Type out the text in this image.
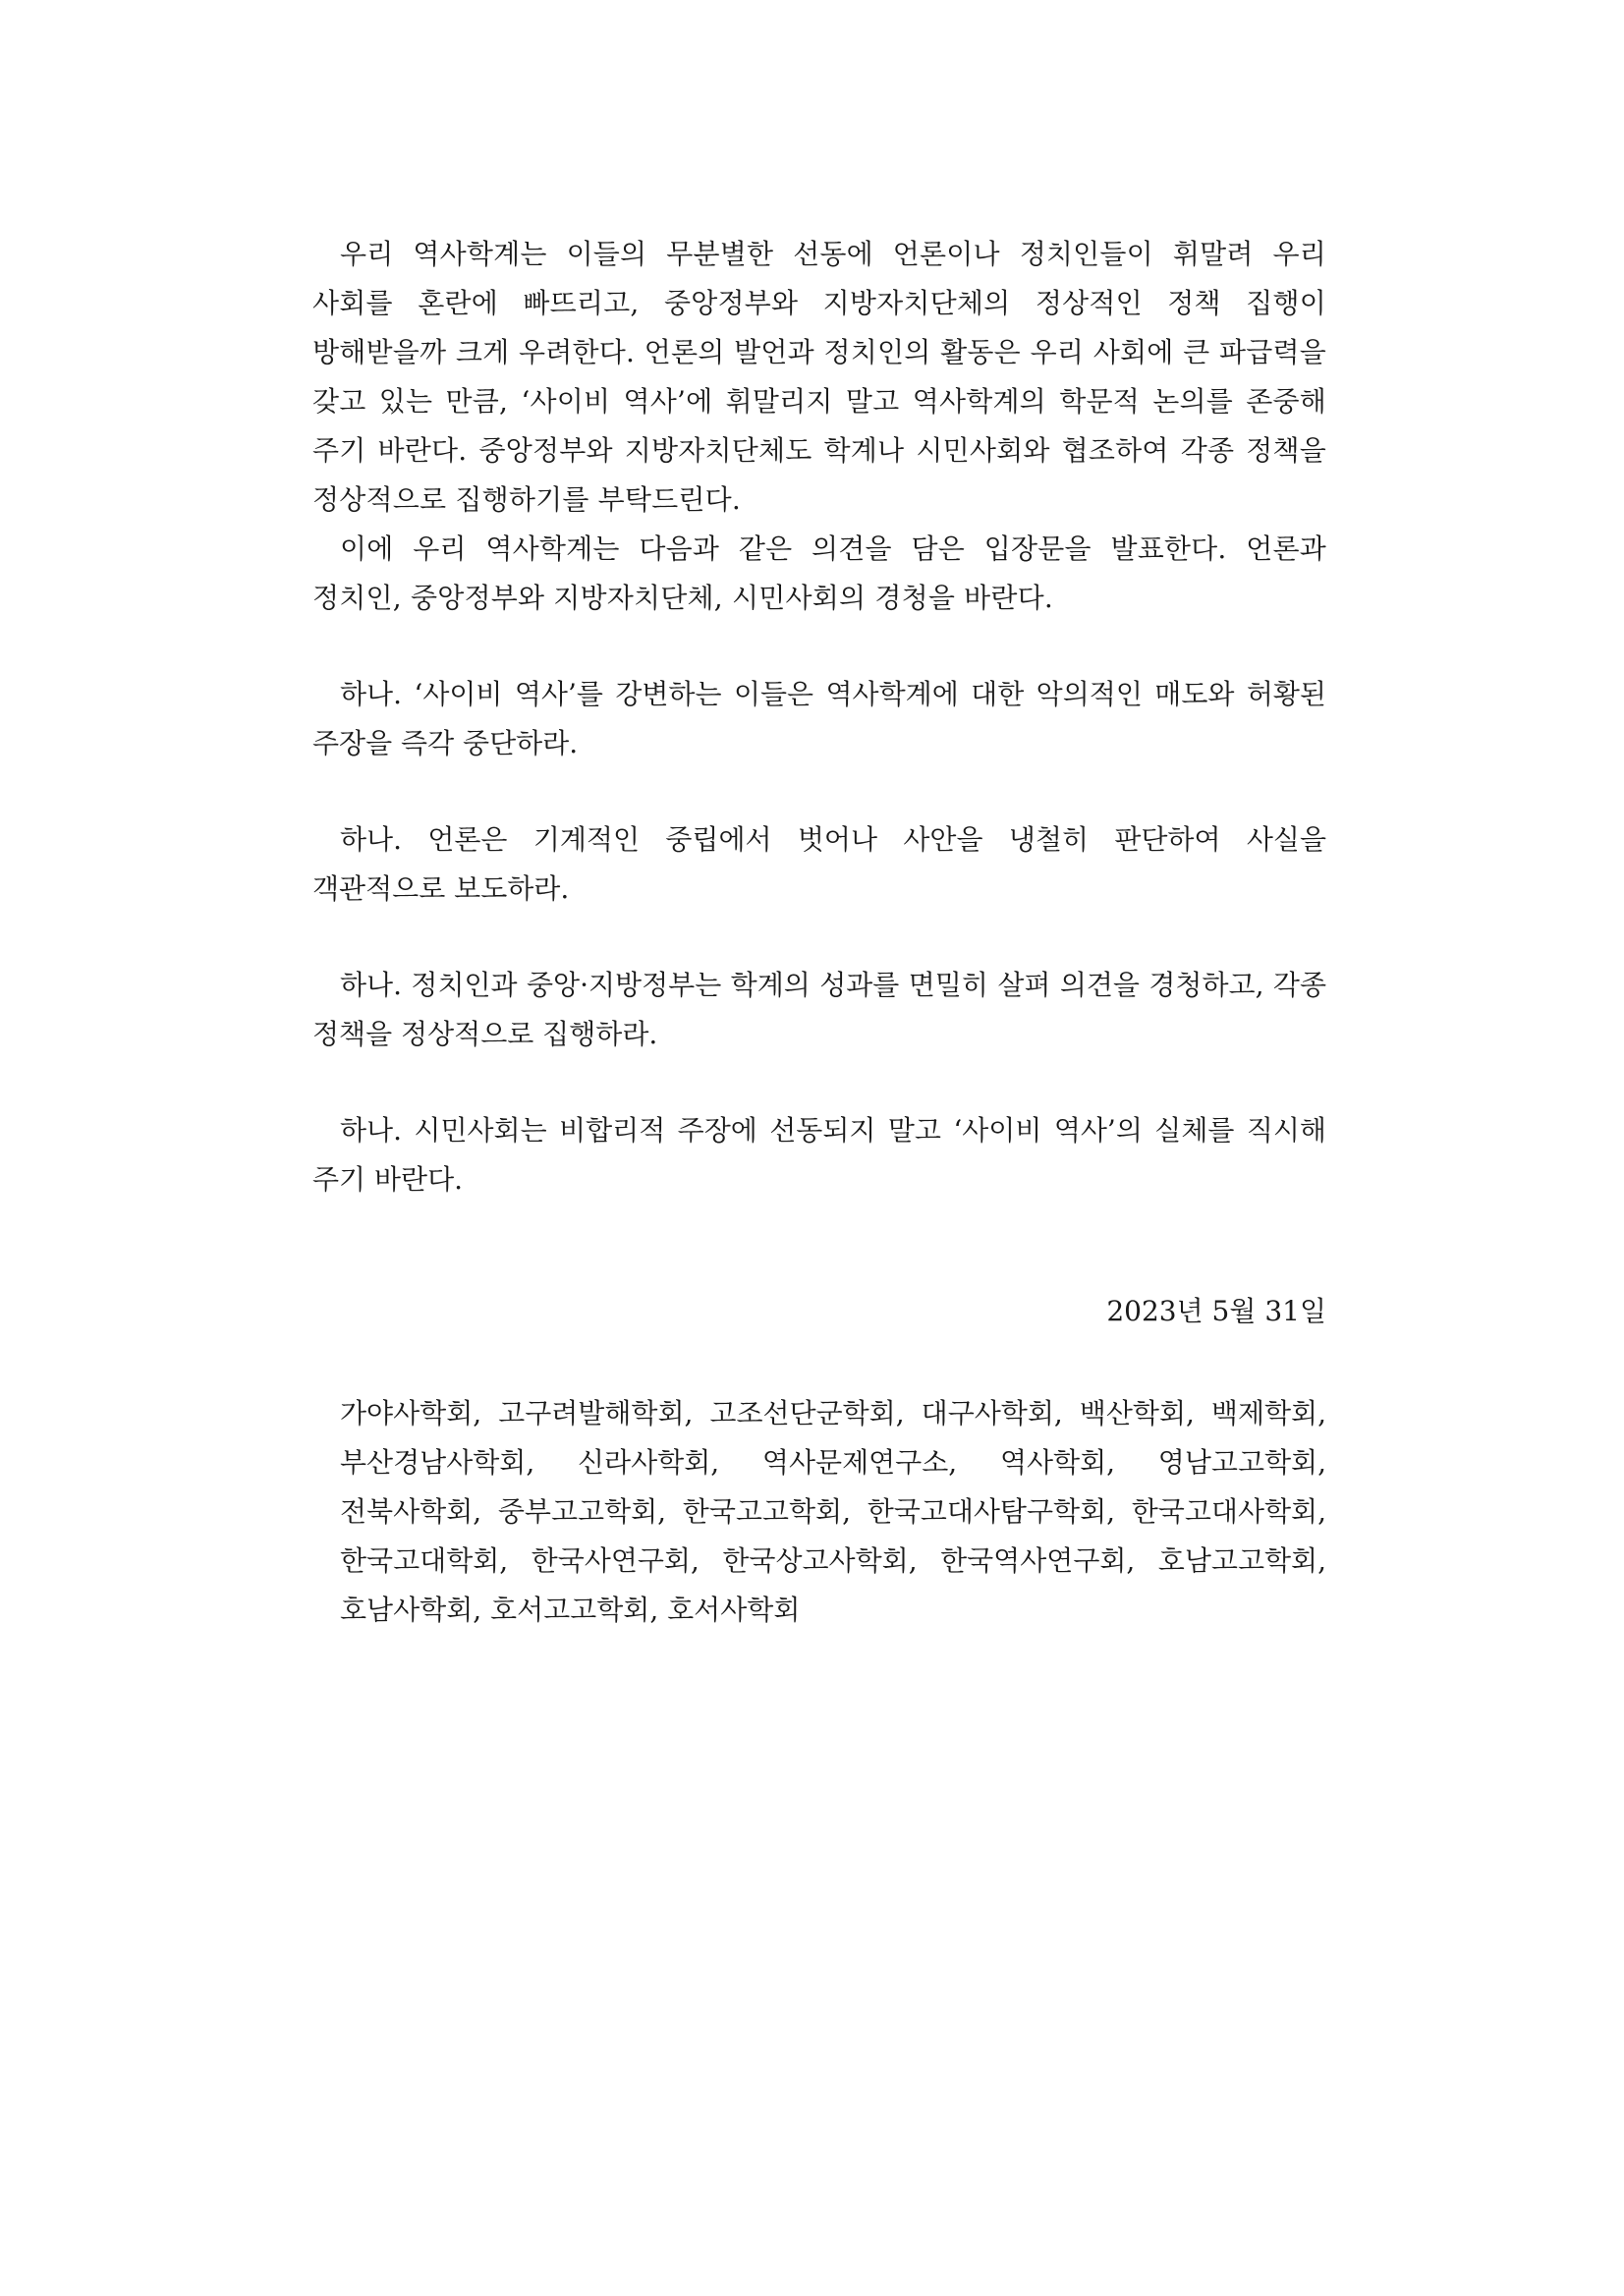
우리 역사학계는 이들의 무분별한 선동에 언론이나 정치인들이 휘말려 우리 사회를 혼란에 빠뜨리고, 중앙정부와 지방자치단체의 정상적인 정책 집행이 방해받을까 크게 우려한다. 언론의 발언과 정치인의 활동은 우리 사회에 큰 파급력을 갖고 있는 만큼, ‘사이비 역사’에 휘말리지 말고 역사학계의 학문적 논의를 존중해 주기 바란다. 중앙정부와 지방자치단체도 학계나 시민사회와 협조하여 각종 정책을 정상적으로 집행하기를 부탁드린다.

이에 우리 역사학계는 다음과 같은 의견을 담은 입장문을 발표한다. 언론과 정치인, 중앙정부와 지방자치단체, 시민사회의 경청을 바란다.

하나. ‘사이비 역사’를 강변하는 이들은 역사학계에 대한 악의적인 매도와 허황된 주장을 즉각 중단하라.

하나. 언론은 기계적인 중립에서 벗어나 사안을 냉철히 판단하여 사실을 객관적으로 보도하라.

하나. 정치인과 중앙·지방정부는 학계의 성과를 면밀히 살펴 의견을 경청하고, 각종 정책을 정상적으로 집행하라.

하나. 시민사회는 비합리적 주장에 선동되지 말고 ‘사이비 역사’의 실체를 직시해 주기 바란다.

2023년 5월 31일
가야사학회, 고구려발해학회, 고조선단군학회, 대구사학회, 백산학회, 백제학회, 부산경남사학회, 신라사학회, 역사문제연구소, 역사학회, 영남고고학회, 전북사학회, 중부고고학회, 한국고고학회, 한국고대사탐구학회, 한국고대사학회, 한국고대학회, 한국사연구회, 한국상고사학회, 한국역사연구회, 호남고고학회, 호남사학회, 호서고고학회, 호서사학회
